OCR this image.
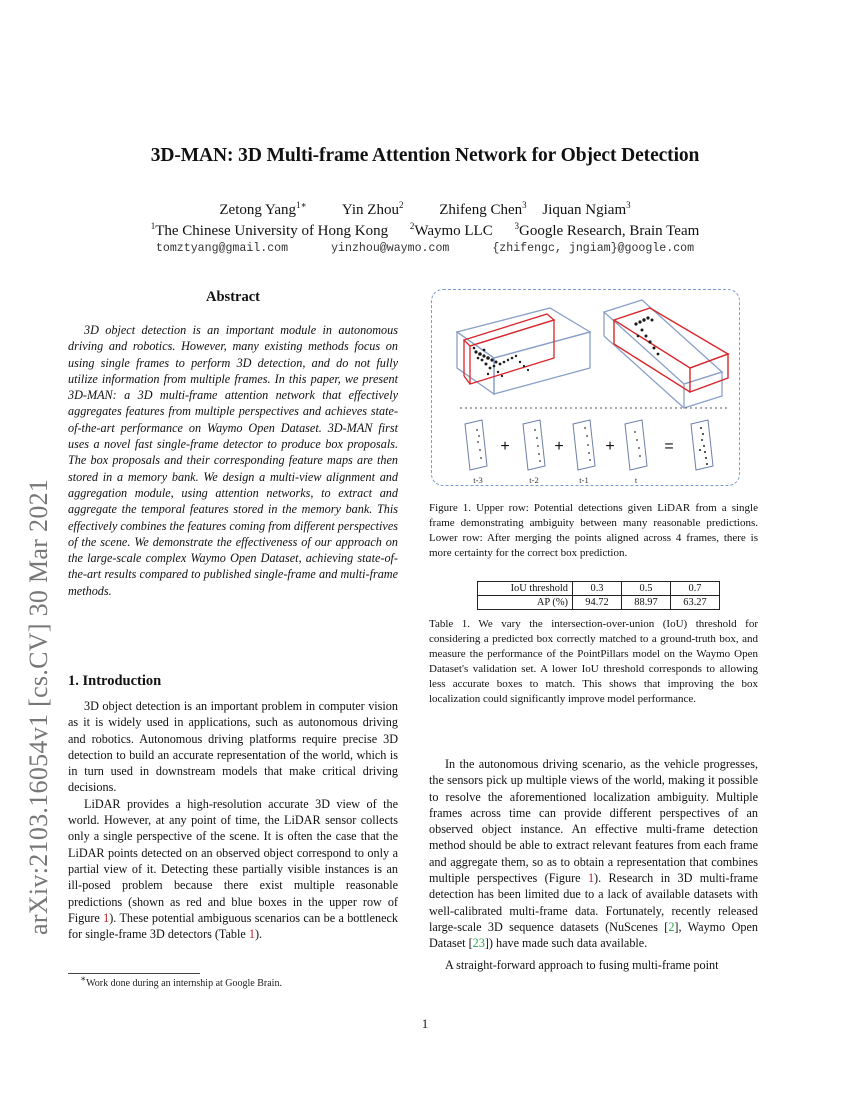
arXiv:2103.16054v1 [cs.CV] 30 Mar 2021
3D-MAN: 3D Multi-frame Attention Network for Object Detection
Zetong Yang$^{1∗}$ Yin Zhou$^2$ Zhifeng Chen$^3$ Jiquan Ngiam$^3$
$^1$The Chinese University of Hong Kong $^2$Waymo LLC $^3$Google Research, Brain Team
tomztyang@gmail.com	yinzhou@waymo.com	{zhifengc, jngiam}@google.com
Abstract
3D object detection is an important module in autonomous driving and robotics. However, many existing methods focus on using single frames to perform 3D detection, and do not fully utilize information from multiple frames. In this paper, we present 3D-MAN: a 3D multi-frame attention network that effectively aggregates features from multiple perspectives and achieves state-of-the-art performance on Waymo Open Dataset. 3D-MAN first uses a novel fast single-frame detector to produce box proposals. The box proposals and their corresponding feature maps are then stored in a memory bank. We design a multi-view alignment and aggregation module, using attention networks, to extract and aggregate the temporal features stored in the memory bank. This effectively combines the features coming from different perspectives of the scene. We demonstrate the effectiveness of our approach on the large-scale complex Waymo Open Dataset, achieving state-of-the-art results compared to published single-frame and multi-frame methods.
1. Introduction

3D object detection is an important problem in computer vision as it is widely used in applications, such as autonomous driving and robotics. Autonomous driving platforms require precise 3D detection to build an accurate representation of the world, which is in turn used in downstream models that make critical driving decisions.

LiDAR provides a high-resolution accurate 3D view of the world. However, at any point of time, the LiDAR sensor collects only a single perspective of the scene. It is often the case that the LiDAR points detected on an observed object correspond to only a partial view of it. Detecting these partially visible instances is an ill-posed problem because there exist multiple reasonable predictions (shown as red and blue boxes in the upper row of Figure 1). These potential ambiguous scenarios can be a bottleneck for single-frame 3D detectors (Table 1).

∗Work done during an internship at Google Brain.
+	+	+	=
t-3	t-2	t-1	t
Figure 1. Upper row: Potential detections given LiDAR from a single frame demonstrating ambiguity between many reasonable predictions. Lower row: After merging the points aligned across 4 frames, there is more certainty for the correct box prediction.
IoU threshold	0.3	0.5	0.7
AP (%)	94.72	88.97	63.27
Table 1. We vary the intersection-over-union (IoU) threshold for considering a predicted box correctly matched to a ground-truth box, and measure the performance of the PointPillars model on the Waymo Open Dataset's validation set. A lower IoU threshold corresponds to allowing less accurate boxes to match. This shows that improving the box localization could significantly improve model performance.

In the autonomous driving scenario, as the vehicle progresses, the sensors pick up multiple views of the world, making it possible to resolve the aforementioned localization ambiguity. Multiple frames across time can provide different perspectives of an observed object instance. An effective multi-frame detection method should be able to extract relevant features from each frame and aggregate them, so as to obtain a representation that combines multiple perspectives (Figure 1). Research in 3D multi-frame detection has been limited due to a lack of available datasets with well-calibrated multi-frame data. Fortunately, recently released large-scale 3D sequence datasets (NuScenes [2], Waymo Open Dataset [23]) have made such data available.

A straight-forward approach to fusing multi-frame point

1
